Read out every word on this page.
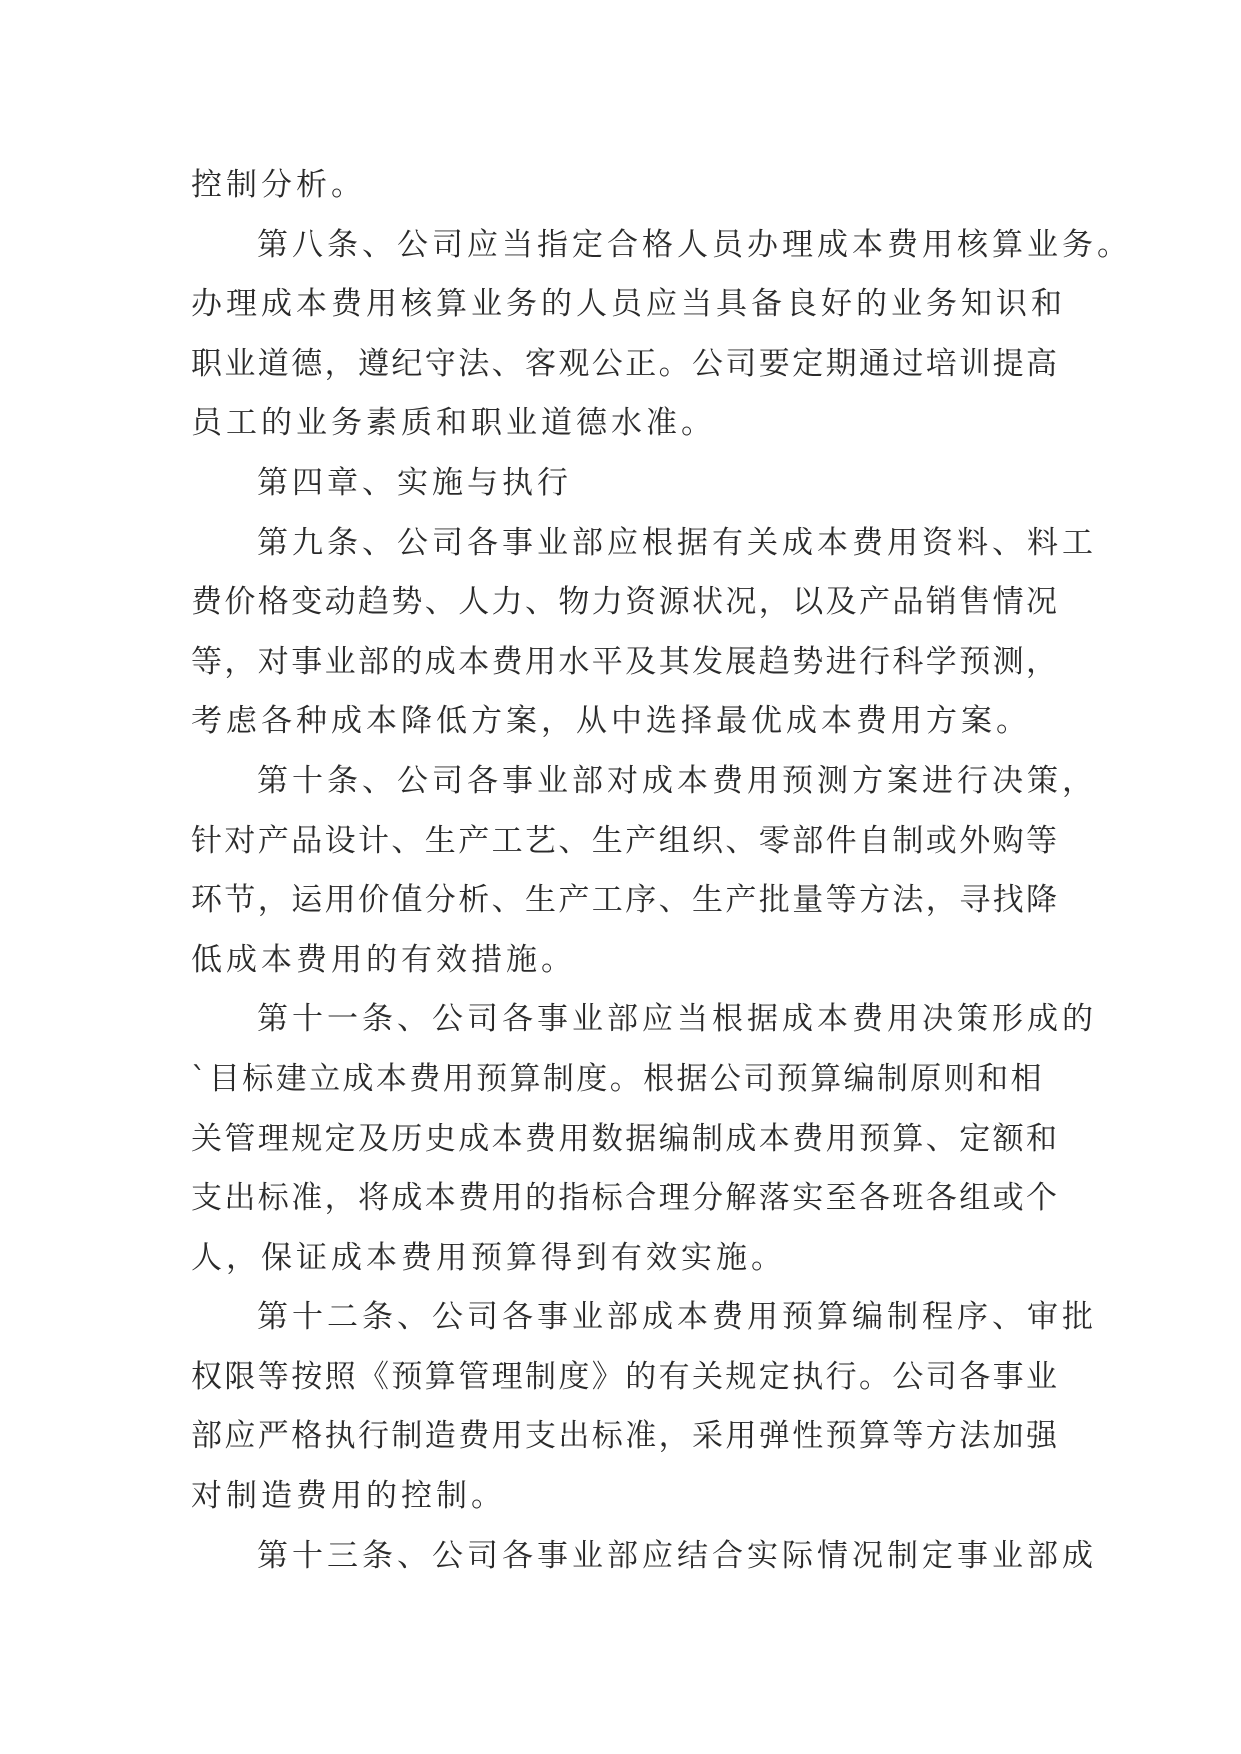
控制分析。
第八条、公司应当指定合格人员办理成本费用核算业务。
办理成本费用核算业务的人员应当具备良好的业务知识和
职业道德，遵纪守法、客观公正。公司要定期通过培训提高
员工的业务素质和职业道德水准。
第四章、实施与执行
第九条、公司各事业部应根据有关成本费用资料、料工
费价格变动趋势、人力、物力资源状况，以及产品销售情况
等，对事业部的成本费用水平及其发展趋势进行科学预测，
考虑各种成本降低方案，从中选择最优成本费用方案。
第十条、公司各事业部对成本费用预测方案进行决策，
针对产品设计、生产工艺、生产组织、零部件自制或外购等
环节，运用价值分析、生产工序、生产批量等方法，寻找降
低成本费用的有效措施。
第十一条、公司各事业部应当根据成本费用决策形成的
`目标建立成本费用预算制度。根据公司预算编制原则和相
关管理规定及历史成本费用数据编制成本费用预算、定额和
支出标准，将成本费用的指标合理分解落实至各班各组或个
人，保证成本费用预算得到有效实施。
第十二条、公司各事业部成本费用预算编制程序、审批
权限等按照《预算管理制度》的有关规定执行。公司各事业
部应严格执行制造费用支出标准，采用弹性预算等方法加强
对制造费用的控制。
第十三条、公司各事业部应结合实际情况制定事业部成
